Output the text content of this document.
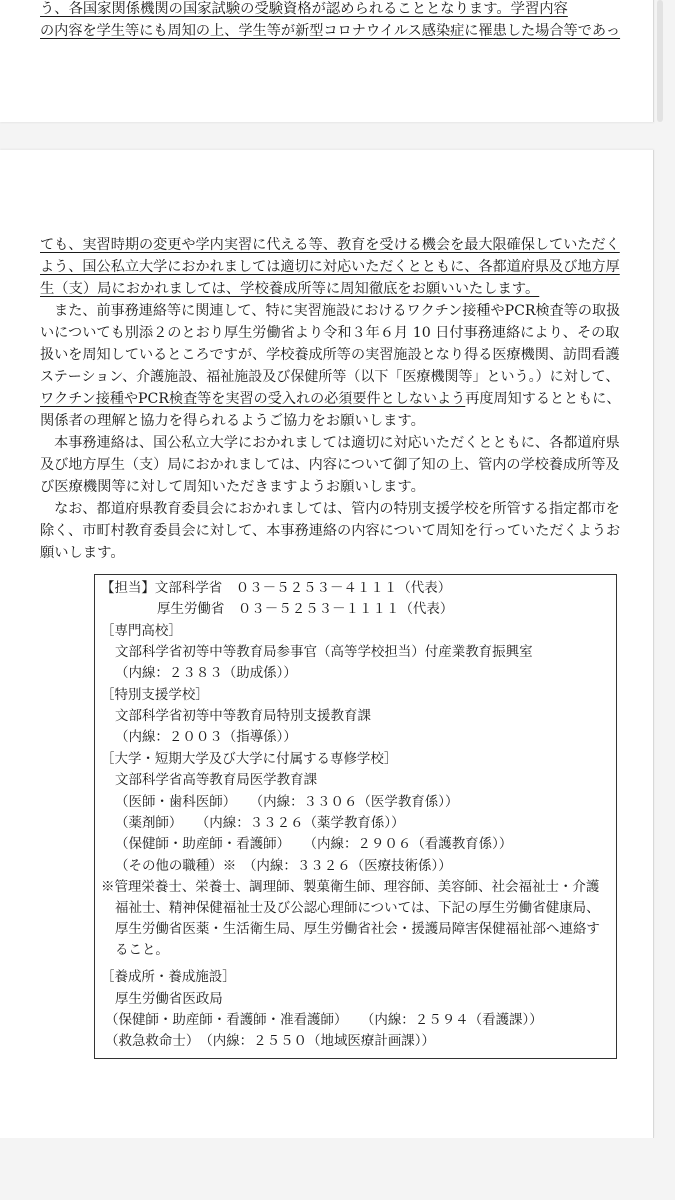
う、各国家関係機関の国家試験の受験資格が認められることとなります。学習内容
の内容を学生等にも周知の上、学生等が新型コロナウイルス感染症に罹患した場合等であっ
ても、実習時期の変更や学内実習に代える等、教育を受ける機会を最大限確保していただく
よう、国公私立大学におかれましては適切に対応いただくとともに、各都道府県及び地方厚
生（支）局におかれましては、学校養成所等に周知徹底をお願いいたします。
　また、前事務連絡等に関連して、特に実習施設におけるワクチン接種やPCR検査等の取扱
いについても別添２のとおり厚生労働省より令和３年６月 10 日付事務連絡により、その取
扱いを周知しているところですが、学校養成所等の実習施設となり得る医療機関、訪問看護
ステーション、介護施設、福祉施設及び保健所等（以下「医療機関等」という。）に対して、
ワクチン接種やPCR検査等を実習の受入れの必須要件としないよう再度周知するとともに、
関係者の理解と協力を得られるようご協力をお願いします。
　本事務連絡は、国公私立大学におかれましては適切に対応いただくとともに、各都道府県
及び地方厚生（支）局におかれましては、内容について御了知の上、管内の学校養成所等及
び医療機関等に対して周知いただきますようお願いします。
　なお、都道府県教育委員会におかれましては、管内の特別支援学校を所管する指定都市を
除く、市町村教育委員会に対して、本事務連絡の内容について周知を行っていただくようお
願いします。
【担当】文部科学省　０３－５２５３－４１１１（代表）
厚生労働省　０３－５２５３－１１１１（代表）
［専門高校］
文部科学省初等中等教育局参事官（高等学校担当）付産業教育振興室
（内線：２３８３（助成係））
［特別支援学校］
文部科学省初等中等教育局特別支援教育課
（内線：２００３（指導係））
［大学・短期大学及び大学に付属する専修学校］
文部科学省高等教育局医学教育課
（医師・歯科医師）　　（内線：３３０６（医学教育係））
（薬剤師）　　（内線：３３２６（薬学教育係））
（保健師・助産師・看護師）　　（内線：２９０６（看護教育係））
（その他の職種）※　（内線：３３２６（医療技術係））
※管理栄養士、栄養士、調理師、製菓衛生師、理容師、美容師、社会福祉士・介護
福祉士、精神保健福祉士及び公認心理師については、下記の厚生労働省健康局、
厚生労働省医薬・生活衛生局、厚生労働省社会・援護局障害保健福祉部へ連絡す
ること。
［養成所・養成施設］
厚生労働省医政局
（保健師・助産師・看護師・准看護師）　　（内線：２５９４（看護課））
（救急救命士）　（内線：２５５０（地域医療計画課））
